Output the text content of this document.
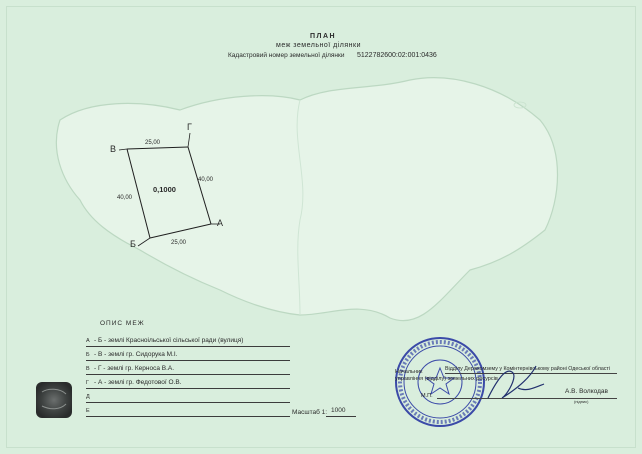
ПЛАН
меж земельної ділянки
Кадастровий номер земельної ділянки 5122782600:02:001:0436
В
Г
А
Б
25,00
40,00
25,00
40,00
0,1000
ОПИС МЕЖ
А - Б - землі Красноільської сільської ради (вулиця)
Б - В - землі гр. Сидорука М.І.
В - Г - землі гр. Керноса В.А.
Г - А - землі гр. Федотової О.В.
Д
Е	Масштаб 1: 1000
Начальник	Відділу Держкомзему у Комінтернівському районі Одеської області
управління (відділу) земельних ресурсів
М.П.
А.В. Волкодав
(підпис)
